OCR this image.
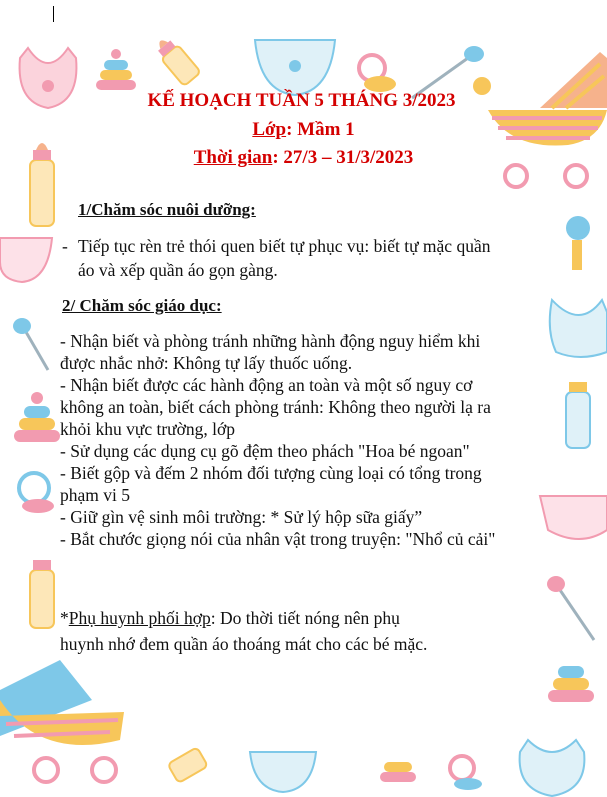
KẾ HOẠCH TUẦN 5 THÁNG 3/2023
Lớp: Mầm 1
Thời gian: 27/3 – 31/3/2023
1/Chăm sóc nuôi dưỡng:
- Tiếp tục rèn trẻ thói quen biết tự phục vụ: biết tự mặc quần
áo và xếp quần áo gọn gàng.
2/ Chăm sóc giáo dục:
- Nhận biết và phòng tránh những hành động nguy hiểm khi
được nhắc nhở: Không tự lấy thuốc uống.
- Nhận biết được các hành động an toàn và một số nguy cơ
không an toàn, biết cách phòng tránh: Không theo người lạ ra
khỏi khu vực trường, lớp
- Sử dụng các dụng cụ gõ đệm theo phách "Hoa bé ngoan"
- Biết gộp và đếm 2 nhóm đối tượng cùng loại có tổng trong
phạm vi 5
- Giữ gìn vệ sinh môi trường: * Sử lý hộp sữa giấy”
- Bắt chước giọng nói của nhân vật trong truyện: "Nhổ củ cải"
*Phụ huynh phối hợp: Do thời tiết nóng nên phụ
huynh nhớ đem quần áo thoáng mát cho các bé mặc.
